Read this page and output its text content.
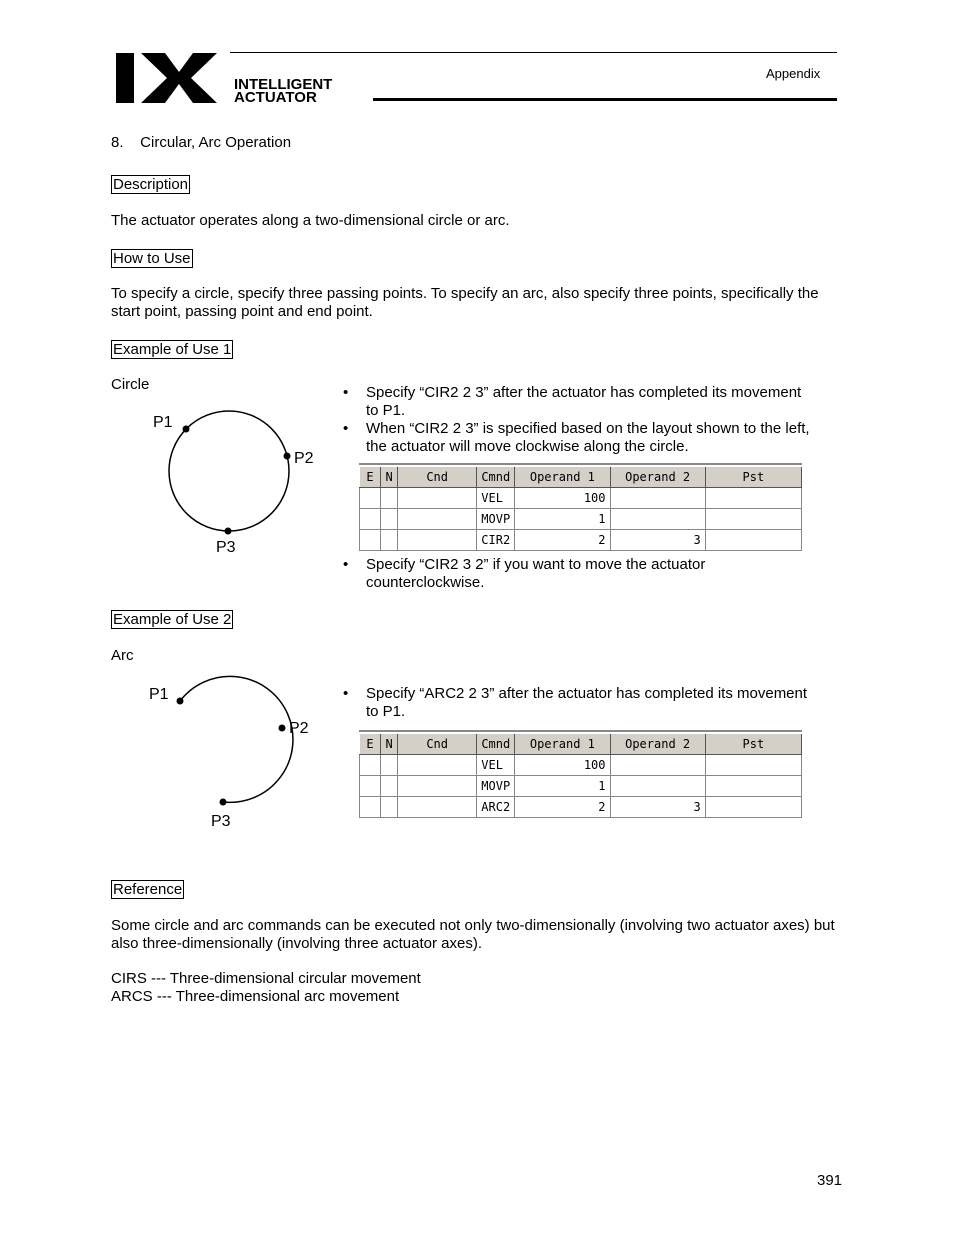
INTELLIGENT
ACTUATOR
Appendix
8.    Circular, Arc Operation
Description

The actuator operates along a two-dimensional circle or arc.

How to Use

To specify a circle, specify three passing points. To specify an arc, also specify three points, specifically the start point, passing point and end point.

Example of Use 1
Circle
P1
P2
P3
• Specify “CIR2 2 3” after the actuator has completed its movement to P1.
• When “CIR2 2 3” is specified based on the layout shown to the left, the actuator will move clockwise along the circle.
E	N	Cnd	Cmnd	Operand 1	Operand 2	Pst
			VEL	100		
			MOVP	1		
			CIR2	2	3	
• Specify “CIR2 3 2” if you want to move the actuator counterclockwise.
Example of Use 2
Arc
P1
P2
P3
• Specify “ARC2 2 3” after the actuator has completed its movement to P1.
E	N	Cnd	Cmnd	Operand 1	Operand 2	Pst
			VEL	100		
			MOVP	1		
			ARC2	2	3	
Reference

Some circle and arc commands can be executed not only two-dimensionally (involving two actuator axes) but also three-dimensionally (involving three actuator axes).

CIRS --- Three-dimensional circular movement
ARCS --- Three-dimensional arc movement
391
